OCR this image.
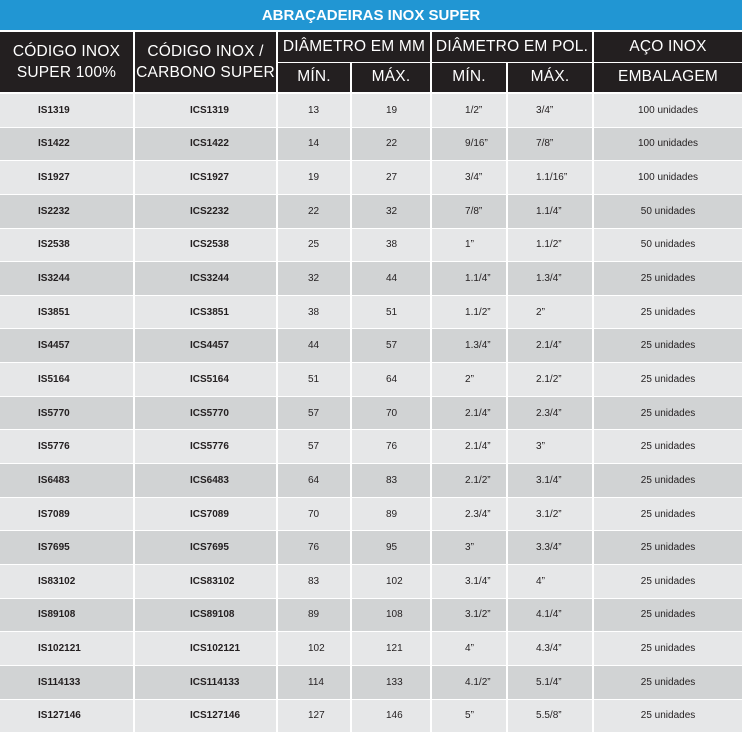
ABRAÇADEIRAS INOX SUPER
CÓDIGO INOX SUPER 100%	CÓDIGO INOX / CARBONO SUPER	DIÂMETRO EM MM		DIÂMETRO EM POL.		AÇO INOX
		MÍN.	MÁX.	MÍN.	MÁX.	EMBALAGEM
IS1319	ICS1319	13	19	1/2”	3/4”	100 unidades
IS1422	ICS1422	14	22	9/16”	7/8”	100 unidades
IS1927	ICS1927	19	27	3/4”	1.1/16”	100 unidades
IS2232	ICS2232	22	32	7/8”	1.1/4”	50 unidades
IS2538	ICS2538	25	38	1”	1.1/2”	50 unidades
IS3244	ICS3244	32	44	1.1/4”	1.3/4”	25 unidades
IS3851	ICS3851	38	51	1.1/2”	2”	25 unidades
IS4457	ICS4457	44	57	1.3/4”	2.1/4”	25 unidades
IS5164	ICS5164	51	64	2”	2.1/2”	25 unidades
IS5770	ICS5770	57	70	2.1/4”	2.3/4”	25 unidades
IS5776	ICS5776	57	76	2.1/4”	3”	25 unidades
IS6483	ICS6483	64	83	2.1/2”	3.1/4”	25 unidades
IS7089	ICS7089	70	89	2.3/4”	3.1/2”	25 unidades
IS7695	ICS7695	76	95	3”	3.3/4”	25 unidades
IS83102	ICS83102	83	102	3.1/4”	4”	25 unidades
IS89108	ICS89108	89	108	3.1/2”	4.1/4”	25 unidades
IS102121	ICS102121	102	121	4”	4.3/4”	25 unidades
IS114133	ICS114133	114	133	4.1/2”	5.1/4”	25 unidades
IS127146	ICS127146	127	146	5”	5.5/8”	25 unidades
